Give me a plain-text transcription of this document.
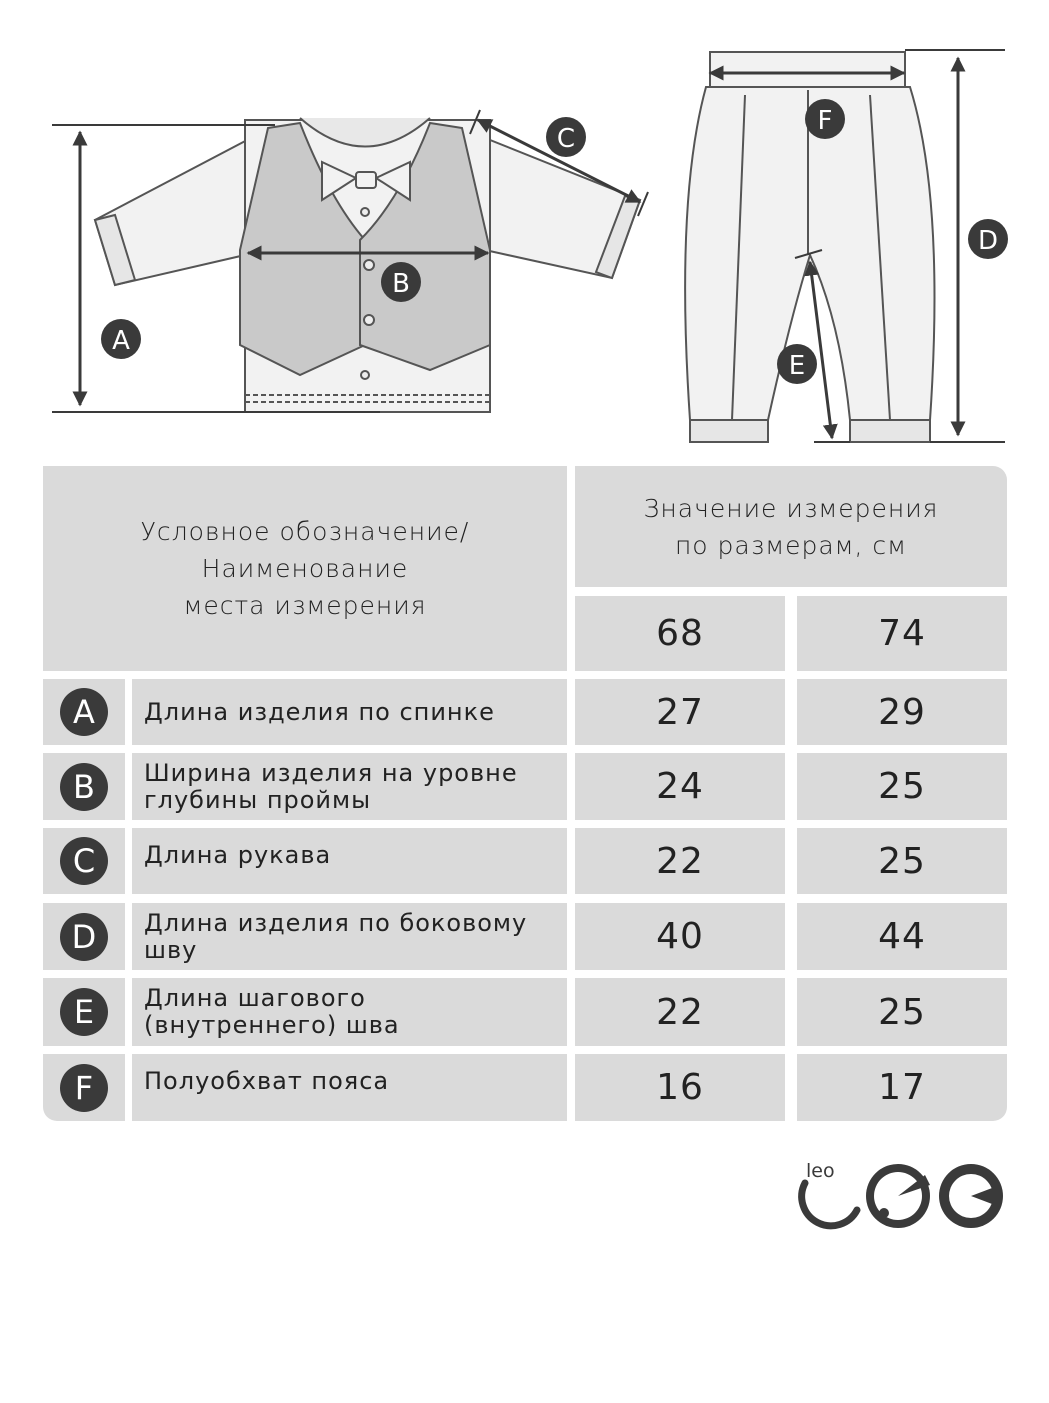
A
B
C
D
E
F
Условное обозначение/
Наименование
места измерения
Значение измерения
по размерам, см
68	74
A	Длина изделия по спинке	27	29
B	Ширина изделия на уровне глубины проймы	24	25
C	Длина рукава	22	25
D	Длина изделия по боковому шву	40	44
E	Длина шагового (внутреннего) шва	22	25
F	Полуобхват пояса	16	17
leo
